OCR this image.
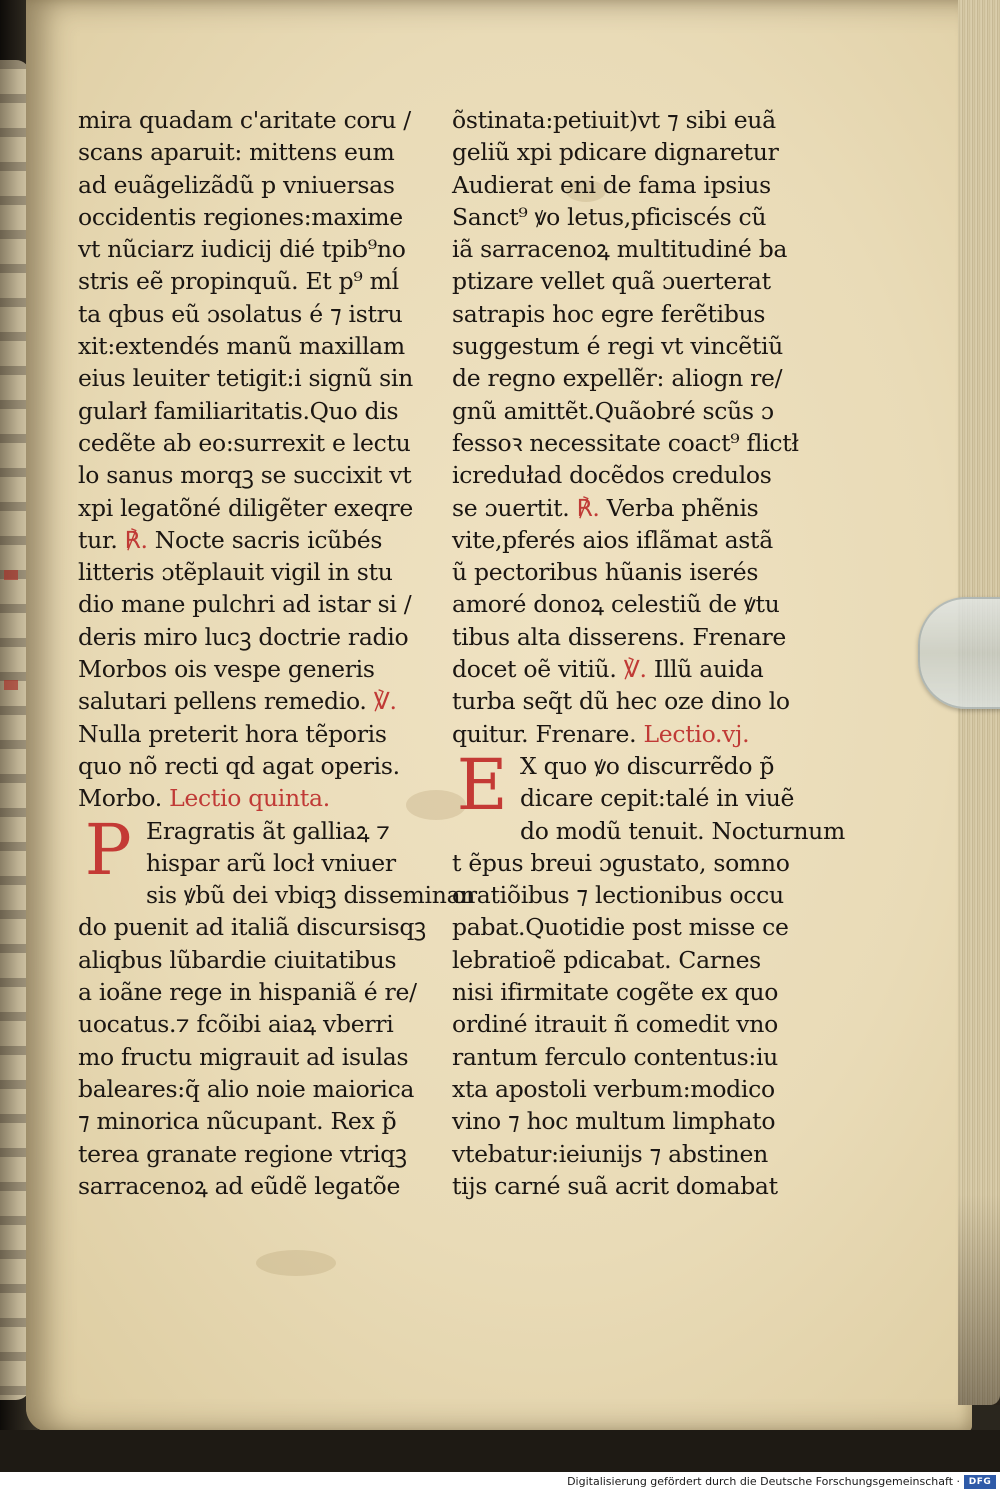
mira quadam c'aritate coru /
scans aparuit: mittens eum
ad euãgelizãdũ p vniuersas
occidentis regiones:maxime
vt nũciarz iudicij dié tpib⁹no
stris eẽ propinquũ. Et p⁹ mĺ
ta qbus eũ ɔsolatus é ⁊ istru
xit:extendés manũ maxillam
eius leuiter tetigit:i signũ sin
gularł familiaritatis.Quo dis
cedẽte ab eo:surrexit e lectu
lo sanus morqꝫ se succixit vt
xpi legatõné diligẽter exeqre
tur. ℟. Nocte sacris icũbés
litteris ɔtẽplauit vigil in stu
dio mane pulchri ad istar si /
deris miro lucꝫ doctrie radio
Morbos ois vespe generis
salutari pellens remedio. ℣.
Nulla preterit hora tẽporis
quo nõ recti qd agat operis.
Morbo. Lectio quinta.
P Eragratis ãt galliaꝝ ⁊
hispar arũ locł vniuer
sis ꝟbũ dei vbiqꝫ disseminan
do puenit ad italiã discursisqꝫ
aliqbus lũbardie ciuitatibus
a ioãne rege in hispaniã é re/
uocatus.⁊ fcõibi aiaꝝ vberri
mo fructu migrauit ad isulas
baleares:q̃ alio noie maiorica
⁊ minorica nũcupant. Rex p̃
terea granate regione vtriqꝫ
sarracenoꝝ ad eũdẽ legatõe
õstinata:petiuit)vt ⁊ sibi euã
geliũ xpi pdicare dignaretur
Audierat eni de fama ipsius
Sanct⁹ ꝟo letus,pficiscés cũ
iã sarracenoꝝ multitudiné ba
ptizare vellet quã ɔuerterat
satrapis hoc egre ferẽtibus
suggestum é regi vt vincẽtiũ
de regno expellẽr: aliogn re/
gnũ amittẽt.Quãobré scũs ɔ
fessoꝛ necessitate coact⁹ flictł
icreduład docẽdos credulos
se ɔuertit. ℟. Verba phẽnis
vite,pferés aios iflãmat astã
ũ pectoribus hũanis iserés
amoré donoꝝ celestiũ de ꝟtu
tibus alta disserens. Frenare
docet oẽ vitiũ. ℣. Illũ auida
turba seq̃t dũ hec oze dino lo
quitur. Frenare. Lectio.vj.
E X quo ꝟo discurrẽdo p̃
dicare cepit:talé in viuẽ
do modũ tenuit. Nocturnum
t ẽpus breui ɔgustato, somno
oratiõibus ⁊ lectionibus occu
pabat.Quotidie post misse ce
lebratioẽ pdicabat. Carnes
nisi ifirmitate cogẽte ex quo
ordiné itrauit ñ comedit vno
rantum ferculo contentus:iu
xta apostoli verbum:modico
vino ⁊ hoc multum limphato
vtebatur:ieiunijs ⁊ abstinen
tijs carné suã acrit domabat
Digitalisierung gefördert durch die Deutsche Forschungsgemeinschaft · DFG
